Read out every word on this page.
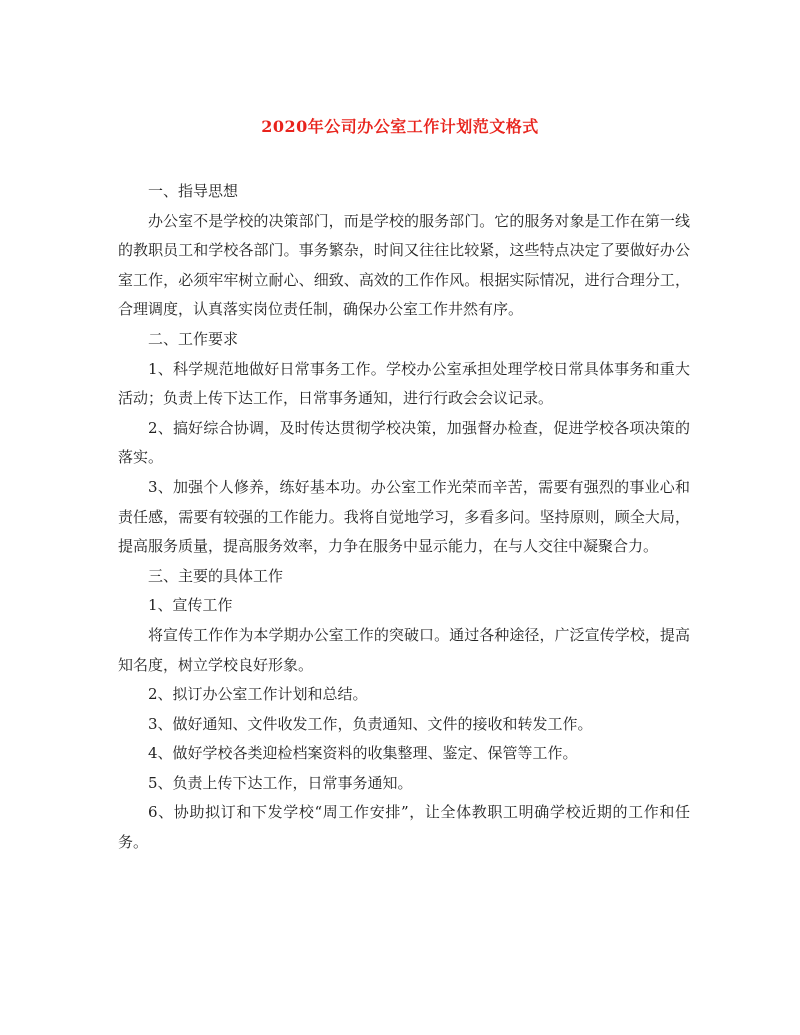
2020年公司办公室工作计划范文格式

一、指导思想

办公室不是学校的决策部门，而是学校的服务部门。它的服务对象是工作在第一线的教职员工和学校各部门。事务繁杂，时间又往往比较紧，这些特点决定了要做好办公室工作，必须牢牢树立耐心、细致、高效的工作作风。根据实际情况，进行合理分工，合理调度，认真落实岗位责任制，确保办公室工作井然有序。

二、工作要求

1、科学规范地做好日常事务工作。学校办公室承担处理学校日常具体事务和重大活动；负责上传下达工作，日常事务通知，进行行政会会议记录。

2、搞好综合协调，及时传达贯彻学校决策，加强督办检查，促进学校各项决策的落实。

3、加强个人修养，练好基本功。办公室工作光荣而辛苦，需要有强烈的事业心和责任感，需要有较强的工作能力。我将自觉地学习，多看多问。坚持原则，顾全大局，提高服务质量，提高服务效率，力争在服务中显示能力，在与人交往中凝聚合力。

三、主要的具体工作

1、宣传工作

将宣传工作作为本学期办公室工作的突破口。通过各种途径，广泛宣传学校，提高知名度，树立学校良好形象。

2、拟订办公室工作计划和总结。

3、做好通知、文件收发工作，负责通知、文件的接收和转发工作。

4、做好学校各类迎检档案资料的收集整理、鉴定、保管等工作。

5、负责上传下达工作，日常事务通知。

6、协助拟订和下发学校“周工作安排”，让全体教职工明确学校近期的工作和任务。
